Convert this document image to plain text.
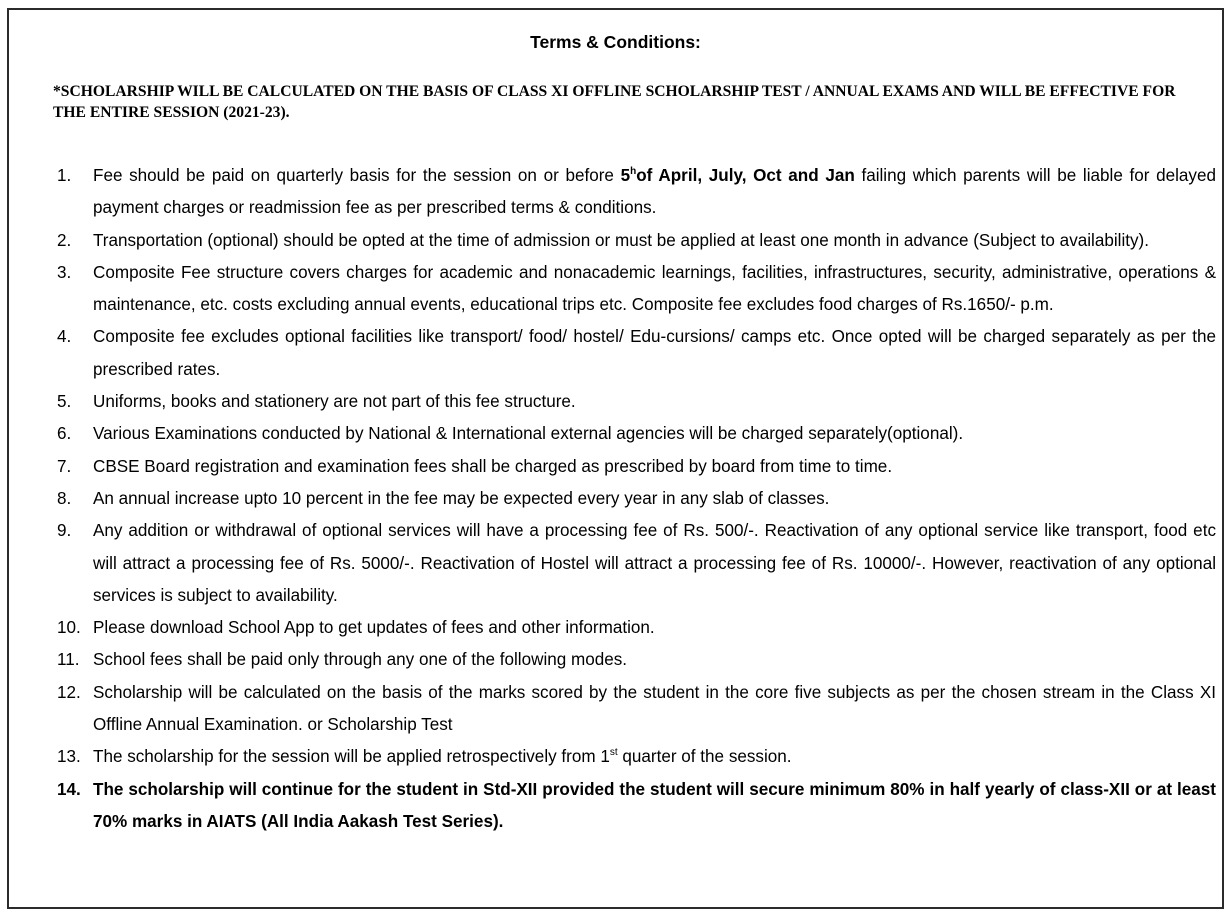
Terms & Conditions:
*SCHOLARSHIP WILL BE CALCULATED ON THE BASIS OF CLASS XI OFFLINE SCHOLARSHIP TEST / ANNUAL EXAMS AND WILL BE EFFECTIVE FOR THE ENTIRE SESSION (2021-23).
1. Fee should be paid on quarterly basis for the session on or before 5$^h$of April, July, Oct and Jan failing which parents will be liable for delayed payment charges or readmission fee as per prescribed terms & conditions.
2. Transportation (optional) should be opted at the time of admission or must be applied at least one month in advance (Subject to availability).
3. Composite Fee structure covers charges for academic and nonacademic learnings, facilities, infrastructures, security, administrative, operations & maintenance, etc. costs excluding annual events, educational trips etc. Composite fee excludes food charges of Rs.1650/- p.m.
4. Composite fee excludes optional facilities like transport/ food/ hostel/ Edu-cursions/ camps etc. Once opted will be charged separately as per the prescribed rates.
5. Uniforms, books and stationery are not part of this fee structure.
6. Various Examinations conducted by National & International external agencies will be charged separately(optional).
7. CBSE Board registration and examination fees shall be charged as prescribed by board from time to time.
8. An annual increase upto 10 percent in the fee may be expected every year in any slab of classes.
9. Any addition or withdrawal of optional services will have a processing fee of Rs. 500/-. Reactivation of any optional service like transport, food etc will attract a processing fee of Rs. 5000/-. Reactivation of Hostel will attract a processing fee of Rs. 10000/-. However, reactivation of any optional services is subject to availability.
10. Please download School App to get updates of fees and other information.
11. School fees shall be paid only through any one of the following modes.
12. Scholarship will be calculated on the basis of the marks scored by the student in the core five subjects as per the chosen stream in the Class XI Offline Annual Examination. or Scholarship Test
13. The scholarship for the session will be applied retrospectively from 1st quarter of the session.
14. The scholarship will continue for the student in Std-XII provided the student will secure minimum 80% in half yearly of class-XII or at least 70% marks in AIATS (All India Aakash Test Series).
